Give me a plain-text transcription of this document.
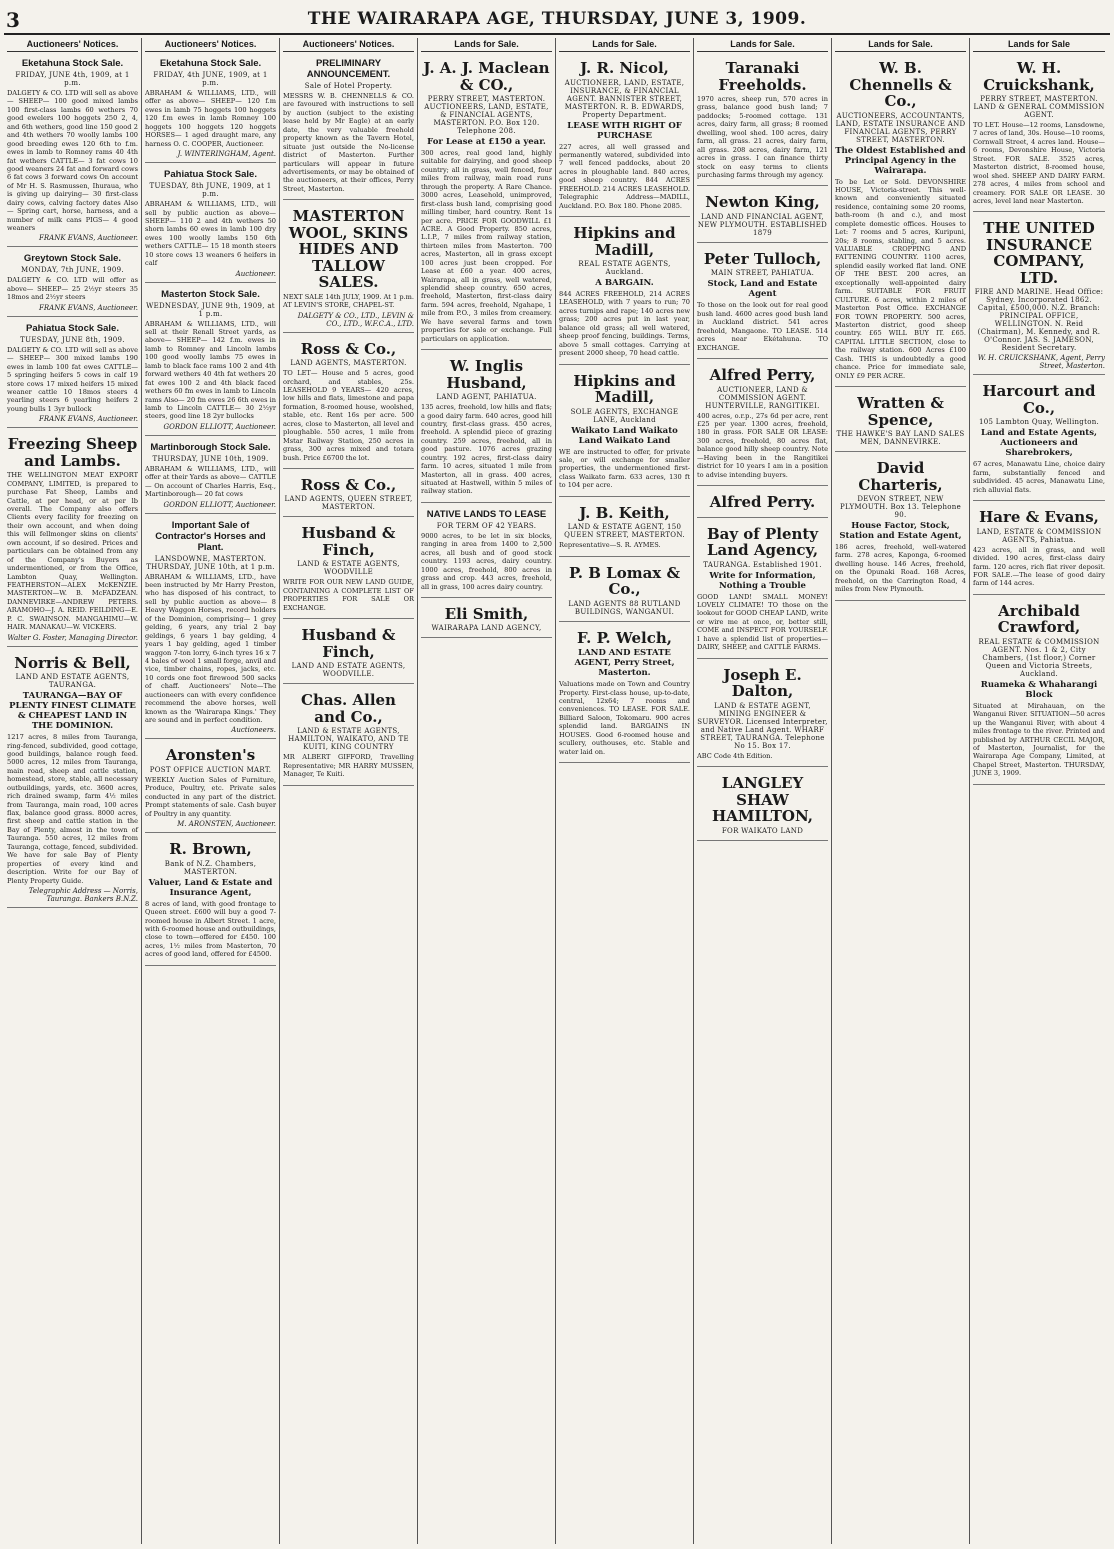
3	THE WAIRARAPA AGE, THURSDAY, JUNE 3, 1909.
Auctioneers' Notices.
Eketahuna Stock Sale.
FRIDAY, JUNE 4th, 1909, at 1 p.m.
DALGETY & CO. LTD will sell as above— SHEEP— 100 good mixed lambs 100 first-class lambs 60 wethers 70 good ewelers 100 hoggets 250 2, 4, and 6th wethers, good line 150 good 2 and 4th wethers 70 woolly lambs 100 good breeding ewes 120 6th to f.m. ewes in lamb to Romney rams 40 4th fat wethers CATTLE— 3 fat cows 10 good weaners 24 fat and forward cows 6 fat cows 3 forward cows On account of Mr H. S. Rasmussen, Ihuraua, who is giving up dairying— 30 first-class dairy cows, calving factory dates Also— Spring cart, horse, harness, and a number of milk cans PIGS— 4 good weaners
FRANK EVANS, Auctioneer.
Greytown Stock Sale.
MONDAY, 7th JUNE, 1909.
DALGETY & CO. LTD will offer as above— SHEEP— 25 2½yr steers 35 18mos and 2½yr steers
FRANK EVANS, Auctioneer.
Pahiatua Stock Sale.
TUESDAY, JUNE 8th, 1909.
DALGETY & CO. LTD will sell as above— SHEEP— 300 mixed lambs 190 ewes in lamb 100 fat ewes CATTLE— 5 springing heifers 5 cows in calf 19 store cows 17 mixed heifers 15 mixed weaner cattle 10 18mos steers 4 yearling steers 6 yearling heifers 2 young bulls 1 3yr bullock
FRANK EVANS, Auctioneer.
Freezing Sheep and Lambs.
THE WELLINGTON MEAT EXPORT COMPANY, LIMITED, is prepared to purchase Fat Sheep, Lambs and Cattle, at per head, or at per lb overall. The Company also offers Clients every facility for freezing on their own account, and when doing this will fellmonger skins on clients' own account, if so desired. Prices and particulars can be obtained from any of the Company's Buyers as undermentioned, or from the Office, Lambton Quay, Wellington. FEATHERSTON—ALEX McKENZIE. MASTERTON—W. B. McFADZEAN. DANNEVIRKE—ANDREW PETERS. ARAMOHO—J. A. REID. FEILDING—E. P. C. SWAINSON. MANGAHIMU—W. HAIR. MANAKAU—W. VICKERS.
Walter G. Foster, Managing Director.
Norris & Bell,
LAND AND ESTATE AGENTS, TAURANGA.
TAURANGA—BAY OF PLENTY FINEST CLIMATE & CHEAPEST LAND IN THE DOMINION.
1217 acres, 8 miles from Tauranga, ring-fenced, subdivided, good cottage, good buildings, balance rough feed. 5000 acres, 12 miles from Tauranga, main road, sheep and cattle station, homestead, store, stable, all necessary outbuildings, yards, etc. 3600 acres, rich drained swamp, farm 4½ miles from Tauranga, main road, 100 acres flax, balance good grass. 8000 acres, first sheep and cattle station in the Bay of Plenty, almost in the town of Tauranga. 550 acres, 12 miles from Tauranga, cottage, fenced, subdivided. We have for sale Bay of Plenty properties of every kind and description. Write for our Bay of Plenty Property Guide.
Telegraphic Address — Norris, Tauranga. Bankers B.N.Z.
Auctioneers' Notices.
Eketahuna Stock Sale.
FRIDAY, 4th JUNE, 1909, at 1 p.m.
ABRAHAM & WILLIAMS, LTD., will offer as above— SHEEP— 120 f.m ewes in lamb 75 hoggets 100 hoggets 120 f.m ewes in lamb Romney 100 hoggets 100 hoggets 120 hoggets HORSES— 1 aged draught mare, any harness O. C. COOPER, Auctioneer.
J. WINTERINGHAM, Agent.
Pahiatua Stock Sale.
TUESDAY, 8th JUNE, 1909, at 1 p.m.
ABRAHAM & WILLIAMS, LTD., will sell by public auction as above— SHEEP— 110 2 and 4th wethers 50 shorn lambs 60 ewes in lamb 100 dry ewes 100 woolly lambs 150 6th wethers CATTLE— 15 18 month steers 10 store cows 13 weaners 6 heifers in calf
Auctioneer.
Masterton Stock Sale.
WEDNESDAY, JUNE 9th, 1909, at 1 p.m.
ABRAHAM & WILLIAMS, LTD., will sell at their Renall Street yards, as above— SHEEP— 142 f.m. ewes in lamb to Romney and Lincoln lambs 100 good woolly lambs 75 ewes in lamb to black face rams 100 2 and 4th forward wethers 40 4th fat wethers 20 fat ewes 100 2 and 4th black faced wethers 60 fm ewes in lamb to Lincoln rams Also— 20 fm ewes 26 6th ewes in lamb to Lincoln CATTLE— 30 2½yr steers, good line 18 2yr bullocks
GORDON ELLIOTT, Auctioneer.
Martinborough Stock Sale.
THURSDAY, JUNE 10th, 1909.
ABRAHAM & WILLIAMS, LTD., will offer at their Yards as above— CATTLE— On account of Charles Harris, Esq., Martinborough— 20 fat cows
GORDON ELLIOTT, Auctioneer.
Important Sale of Contractor's Horses and Plant.
LANSDOWNE, MASTERTON. THURSDAY, JUNE 10th, at 1 p.m.
ABRAHAM & WILLIAMS, LTD., have been instructed by Mr Harry Preston, who has disposed of his contract, to sell by public auction as above— 8 Heavy Waggon Horses, record holders of the Dominion, comprising— 1 grey gelding, 6 years, any trial 2 bay geldings, 6 years 1 bay gelding, 4 years 1 bay gelding, aged 1 timber waggon 7-ton lorry, 6-inch tyres 16 x 7 4 bales of wool 1 small forge, anvil and vice, timber chains, ropes, jacks, etc. 10 cords one foot firewood 500 sacks of chaff. Auctioneers' Note—The auctioneers can with every confidence recommend the above horses, well known as the 'Wairarapa Kings.' They are sound and in perfect condition.
Auctioneers.
Aronsten's
POST OFFICE AUCTION MART.
WEEKLY Auction Sales of Furniture, Produce, Poultry, etc. Private sales conducted in any part of the district. Prompt statements of sale. Cash buyer of Poultry in any quantity.
M. ARONSTEN, Auctioneer.
R. Brown,
Bank of N.Z. Chambers, MASTERTON.
Valuer, Land & Estate and Insurance Agent,
8 acres of land, with good frontage to Queen street. £600 will buy a good 7-roomed house in Albert Street. 1 acre, with 6-roomed house and outbuildings, close to town—offered for £450. 100 acres, 1½ miles from Masterton, 70 acres of good land, offered for £4500.
Auctioneers' Notices.
PRELIMINARY ANNOUNCEMENT.
Sale of Hotel Property.
MESSRS W. B. CHENNELLS & CO. are favoured with instructions to sell by auction (subject to the existing lease held by Mr Eagle) at an early date, the very valuable freehold property known as the Tavern Hotel, situate just outside the No-license district of Masterton. Further particulars will appear in future advertisements, or may be obtained of the auctioneers, at their offices, Perry Street, Masterton.
MASTERTON WOOL, SKINS HIDES AND TALLOW SALES.
NEXT SALE 14th JULY, 1909. At 1 p.m. AT LEVIN'S STORE, CHAPEL-ST.
DALGETY & CO., LTD., LEVIN & CO., LTD., W.F.C.A., LTD.
Ross & Co.,
LAND AGENTS, MASTERTON.
TO LET— House and 5 acres, good orchard, and stables, 25s. LEASEHOLD 9 YEARS— 420 acres, low hills and flats, limestone and papa formation, 8-roomed house, woolshed, stable, etc. Rent 16s per acre. 500 acres, close to Masterton, all level and ploughable. 550 acres, 1 mile from Mstar Railway Station, 250 acres in grass, 300 acres mixed and totara bush. Price £6700 the lot.
Ross & Co.,
LAND AGENTS, QUEEN STREET, MASTERTON.
Husband & Finch,
LAND & ESTATE AGENTS, WOODVILLE
WRITE FOR OUR NEW LAND GUIDE, CONTAINING A COMPLETE LIST OF PROPERTIES FOR SALE OR EXCHANGE.
Husband & Finch,
LAND AND ESTATE AGENTS, WOODVILLE.
Chas. Allen and Co.,
LAND & ESTATE AGENTS, HAMILTON, WAIKATO, AND TE KUITI, KING COUNTRY
MR ALBERT GIFFORD, Travelling Representative; MR HARRY MUSSEN, Manager, Te Kuiti.
Lands for Sale.
J. A. J. Maclean & CO.,
PERRY STREET, MASTERTON. AUCTIONEERS, LAND, ESTATE, & FINANCIAL AGENTS, MASTERTON. P.O. Box 120. Telephone 208.
For Lease at £150 a year.
300 acres, real good land, highly suitable for dairying, and good sheep country; all in grass, well fenced, four miles from railway, main road runs through the property. A Rare Chance. 3000 acres, Leasehold, unimproved, first-class bush land, comprising good milling timber, hard country. Rent 1s per acre. PRICE FOR GOODWILL £1 ACRE. A Good Property. 850 acres, L.I.P., 7 miles from railway station, thirteen miles from Masterton. 700 acres, Masterton, all in grass except 100 acres just been cropped. For Lease at £60 a year. 400 acres, Wairarapa, all in grass, well watered, splendid sheep country. 650 acres, freehold, Masterton, first-class dairy farm. 594 acres, freehold, Ngahape, 1 mile from P.O., 3 miles from creamery. We have several farms and town properties for sale or exchange. Full particulars on application.
W. Inglis Husband,
LAND AGENT, PAHIATUA.
135 acres, freehold, low hills and flats; a good dairy farm. 640 acres, good hill country, first-class grass. 450 acres, freehold. A splendid piece of grazing country. 259 acres, freehold, all in good pasture. 1076 acres grazing country. 192 acres, first-class dairy farm. 10 acres, situated 1 mile from Masterton, all in grass. 400 acres, situated at Hastwell, within 5 miles of railway station.
NATIVE LANDS TO LEASE
FOR TERM OF 42 YEARS.
9000 acres, to be let in six blocks, ranging in area from 1400 to 2,500 acres, all bush and of good stock country. 1193 acres, dairy country. 1000 acres, freehold, 800 acres in grass and crop. 443 acres, freehold, all in grass, 100 acres dairy country.
Eli Smith,
WAIRARAPA LAND AGENCY,
Lands for Sale.
J. R. Nicol,
AUCTIONEER, LAND, ESTATE, INSURANCE, & FINANCIAL AGENT. BANNISTER STREET, MASTERTON. R. B. EDWARDS, Property Department.
LEASE WITH RIGHT OF PURCHASE
227 acres, all well grassed and permanently watered, subdivided into 7 well fenced paddocks, about 20 acres in ploughable land. 840 acres, good sheep country. 844 ACRES FREEHOLD. 214 ACRES LEASEHOLD. Telegraphic Address—MADILL, Auckland. P.O. Box 180. Phone 2085.
Hipkins and Madill,
REAL ESTATE AGENTS, Auckland.
A BARGAIN.
844 ACRES FREEHOLD, 214 ACRES LEASEHOLD, with 7 years to run; 70 acres turnips and rape; 140 acres new grass; 200 acres put in last year, balance old grass; all well watered, sheep proof fencing, buildings. Terms, above 5 small cottages. Carrying at present 2000 sheep, 70 head cattle.
Hipkins and Madill,
SOLE AGENTS, EXCHANGE LANE, Auckland
Waikato Land Waikato Land Waikato Land
WE are instructed to offer, for private sale, or will exchange for smaller properties, the undermentioned first-class Waikato farm. 633 acres, 130 ft to 104 per acre.
J. B. Keith,
LAND & ESTATE AGENT, 150 QUEEN STREET, MASTERTON.
Representative—S. R. AYMES.
P. B Lomax & Co.,
LAND AGENTS 88 RUTLAND BUILDINGS, WANGANUI.
F. P. Welch,
LAND AND ESTATE AGENT, Perry Street, Masterton.
Valuations made on Town and Country Property. First-class house, up-to-date, central, 12x64; 7 rooms and conveniences. TO LEASE. FOR SALE. Billiard Saloon, Tokomaru. 900 acres splendid land. BARGAINS IN HOUSES. Good 6-roomed house and scullery, outhouses, etc. Stable and water laid on.
Lands for Sale.
Taranaki Freeholds.
1970 acres, sheep run, 570 acres in grass, balance good bush land; 7 paddocks; 5-roomed cottage. 131 acres, dairy farm, all grass; 8 roomed dwelling, wool shed. 100 acres, dairy farm, all grass. 21 acres, dairy farm, all grass. 208 acres, dairy farm, 121 acres in grass. I can finance thirty stock on easy terms to clients purchasing farms through my agency.
Newton King,
LAND AND FINANCIAL AGENT, NEW PLYMOUTH. ESTABLISHED 1879
Peter Tulloch,
MAIN STREET, PAHIATUA.
Stock, Land and Estate Agent
To those on the look out for real good bush land. 4600 acres good bush land in Auckland district. 541 acres freehold, Mangaone. TO LEASE. 514 acres near Ekétahuna. TO EXCHANGE.
Alfred Perry,
AUCTIONEER, LAND & COMMISSION AGENT. HUNTERVILLE, RANGITIKEI.
400 acres, o.r.p., 27s 6d per acre, rent £25 per year. 1300 acres, freehold, 180 in grass. FOR SALE OR LEASE: 300 acres, freehold, 80 acres flat, balance good hilly sheep country. Note—Having been in the Rangitikei district for 10 years I am in a position to advise intending buyers.
Alfred Perry.
Bay of Plenty Land Agency,
TAURANGA. Established 1901.
Write for Information, Nothing a Trouble
GOOD LAND! SMALL MONEY! LOVELY CLIMATE! TO those on the lookout for GOOD CHEAP LAND, write or wire me at once, or, better still, COME and INSPECT FOR YOURSELF. I have a splendid list of properties—DAIRY, SHEEP, and CATTLE FARMS.
Joseph E. Dalton,
LAND & ESTATE AGENT, MINING ENGINEER & SURVEYOR. Licensed Interpreter, and Native Land Agent. WHARF STREET, TAURANGA. Telephone No 15. Box 17.
ABC Code 4th Edition.
LANGLEY SHAW HAMILTON,
FOR WAIKATO LAND
Lands for Sale.
W. B. Chennells & Co.,
AUCTIONEERS, ACCOUNTANTS, LAND, ESTATE INSURANCE AND FINANCIAL AGENTS, PERRY STREET, MASTERTON.
The Oldest Established and Principal Agency in the Wairarapa.
To be Let or Sold. DEVONSHIRE HOUSE, Victoria-street. This well-known and conveniently situated residence, containing some 20 rooms, bath-room (h and c.), and most complete domestic offices. Houses to Let: 7 rooms and 5 acres, Kuripuni, 20s; 8 rooms, stabling, and 5 acres. VALUABLE CROPPING AND FATTENING COUNTRY. 1100 acres, splendid easily worked flat land. ONE OF THE BEST. 200 acres, an exceptionally well-appointed dairy farm. SUITABLE FOR FRUIT CULTURE. 6 acres, within 2 miles of Masterton Post Office. EXCHANGE FOR TOWN PROPERTY. 500 acres, Masterton district, good sheep country. £65 WILL BUY IT. £65. CAPITAL LITTLE SECTION, close to the railway station. 600 Acres £100 Cash. THIS is undoubtedly a good chance. Price for immediate sale, ONLY £9 PER ACRE.
Wratten & Spence,
THE HAWKE'S BAY LAND SALES MEN, DANNEVIRKE.
David Charteris,
DEVON STREET, NEW PLYMOUTH. Box 13. Telephone 90.
House Factor, Stock, Station and Estate Agent,
186 acres, freehold, well-watered farm. 278 acres, Kaponga, 6-roomed dwelling house. 146 Acres, freehold, on the Opunaki Road. 168 Acres, freehold, on the Carrington Road, 4 miles from New Plymouth.
Lands for Sale
W. H. Cruickshank,
PERRY STREET, MASTERTON. LAND & GENERAL COMMISSION AGENT.
TO LET. House—12 rooms, Lansdowne, 7 acres of land, 30s. House—10 rooms, Cornwall Street, 4 acres land. House—6 rooms, Devonshire House, Victoria Street. FOR SALE. 3525 acres, Masterton district, 8-roomed house, wool shed. SHEEP AND DAIRY FARM. 278 acres, 4 miles from school and creamery. FOR SALE OR LEASE. 30 acres, level land near Masterton.
THE UNITED INSURANCE COMPANY, LTD.
FIRE AND MARINE. Head Office: Sydney. Incorporated 1862. Capital, £500,000. N.Z. Branch: PRINCIPAL OFFICE, WELLINGTON. N. Reid (Chairman), M. Kennedy, and R. O'Connor. JAS. S. JAMESON, Resident Secretary.
W. H. CRUICKSHANK, Agent, Perry Street, Masterton.
Harcourt and Co.,
105 Lambton Quay, Wellington.
Land and Estate Agents, Auctioneers and Sharebrokers,
67 acres, Manawatu Line, choice dairy farm, substantially fenced and subdivided. 45 acres, Manawatu Line, rich alluvial flats.
Hare & Evans,
LAND, ESTATE & COMMISSION AGENTS, Pahiatua.
423 acres, all in grass, and well divided. 190 acres, first-class dairy farm. 120 acres, rich flat river deposit. FOR SALE.—The lease of good dairy farm of 144 acres.
Archibald Crawford,
REAL ESTATE & COMMISSION AGENT. Nos. 1 & 2, City Chambers, (1st floor,) Corner Queen and Victoria Streets, Auckland.
Ruameka & Whaharangi Block
Situated at Mirahauan, on the Wanganui River. SITUATION—50 acres up the Wanganui River, with about 4 miles frontage to the river. Printed and published by ARTHUR CECIL MAJOR, of Masterton, Journalist, for the Wairarapa Age Company, Limited, at Chapel Street, Masterton. THURSDAY, JUNE 3, 1909.
